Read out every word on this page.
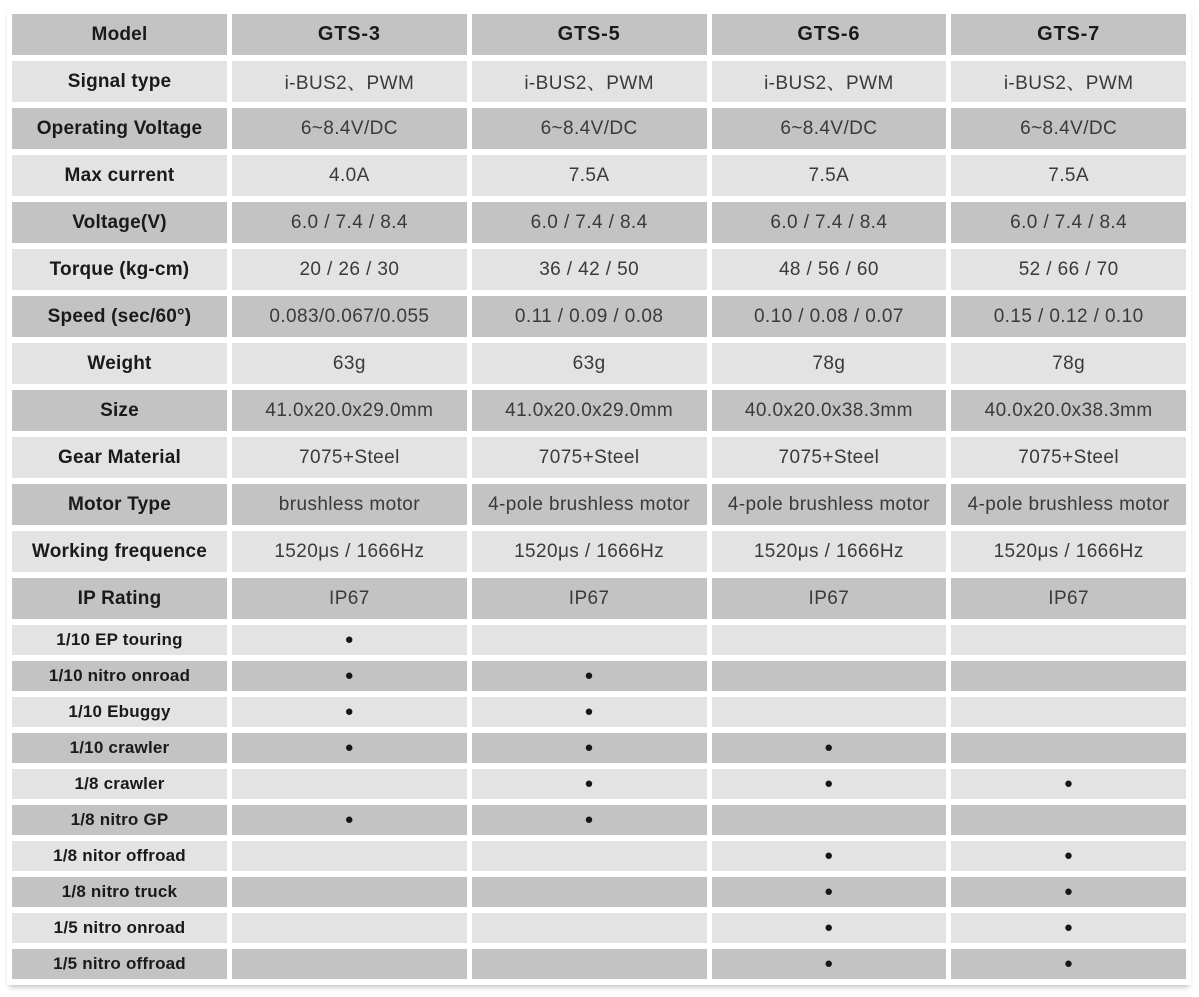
Model	GTS-3	GTS-5	GTS-6	GTS-7
Signal type	i-BUS2、PWM	i-BUS2、PWM	i-BUS2、PWM	i-BUS2、PWM
Operating Voltage	6~8.4V/DC	6~8.4V/DC	6~8.4V/DC	6~8.4V/DC
Max current	4.0A	7.5A	7.5A	7.5A
Voltage(V)	6.0 / 7.4 / 8.4	6.0 / 7.4 / 8.4	6.0 / 7.4 / 8.4	6.0 / 7.4 / 8.4
Torque (kg-cm)	20 / 26 / 30	36 / 42 / 50	48 / 56 / 60	52 / 66 / 70
Speed (sec/60°)	0.083/0.067/0.055	0.11 / 0.09 / 0.08	0.10 / 0.08 / 0.07	0.15 / 0.12 / 0.10
Weight	63g	63g	78g	78g
Size	41.0x20.0x29.0mm	41.0x20.0x29.0mm	40.0x20.0x38.3mm	40.0x20.0x38.3mm
Gear Material	7075+Steel	7075+Steel	7075+Steel	7075+Steel
Motor Type	brushless motor	4-pole brushless motor	4-pole brushless motor	4-pole brushless motor
Working frequence	1520μs / 1666Hz	1520μs / 1666Hz	1520μs / 1666Hz	1520μs / 1666Hz
IP Rating	IP67	IP67	IP67	IP67
1/10 EP touring	●			
1/10 nitro onroad	●	●		
1/10 Ebuggy	●	●		
1/10 crawler	●	●	●	
1/8 crawler		●	●	●
1/8 nitro GP	●	●		
1/8 nitor offroad			●	●
1/8 nitro truck			●	●
1/5 nitro onroad			●	●
1/5 nitro offroad			●	●
